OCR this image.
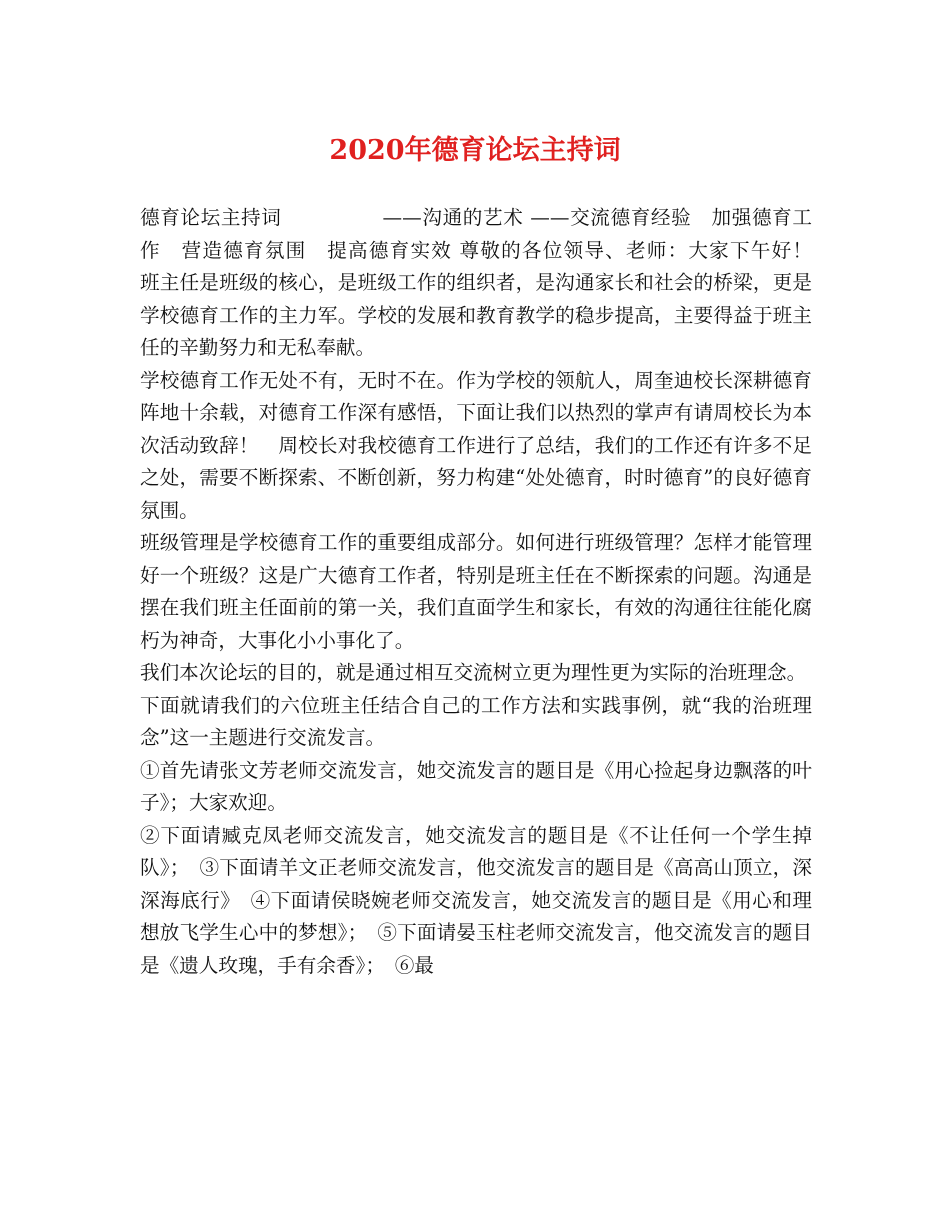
2020年德育论坛主持词

德育论坛主持词　　　　　——沟通的艺术 ——交流德育经验　加强德育工作　营造德育氛围　提高德育实效 尊敬的各位领导、老师：大家下午好！　班主任是班级的核心，是班级工作的组织者，是沟通家长和社会的桥梁，更是学校德育工作的主力军。学校的发展和教育教学的稳步提高，主要得益于班主任的辛勤努力和无私奉献。

学校德育工作无处不有，无时不在。作为学校的领航人，周奎迪校长深耕德育阵地十余载，对德育工作深有感悟，下面让我们以热烈的掌声有请周校长为本次活动致辞！　周校长对我校德育工作进行了总结，我们的工作还有许多不足之处，需要不断探索、不断创新，努力构建“处处德育，时时德育”的良好德育氛围。

班级管理是学校德育工作的重要组成部分。如何进行班级管理？怎样才能管理好一个班级？这是广大德育工作者，特别是班主任在不断探索的问题。沟通是摆在我们班主任面前的第一关，我们直面学生和家长，有效的沟通往往能化腐朽为神奇，大事化小小事化了。

我们本次论坛的目的，就是通过相互交流树立更为理性更为实际的治班理念。

下面就请我们的六位班主任结合自己的工作方法和实践事例，就“我的治班理念”这一主题进行交流发言。

①首先请张文芳老师交流发言，她交流发言的题目是《用心捡起身边飘落的叶子》；大家欢迎。

②下面请臧克凤老师交流发言，她交流发言的题目是《不让任何一个学生掉队》；　③下面请羊文正老师交流发言，他交流发言的题目是《高高山顶立，深深海底行》　④下面请侯晓婉老师交流发言，她交流发言的题目是《用心和理想放飞学生心中的梦想》；　⑤下面请晏玉柱老师交流发言，他交流发言的题目是《遗人玫瑰，手有余香》；　⑥最
